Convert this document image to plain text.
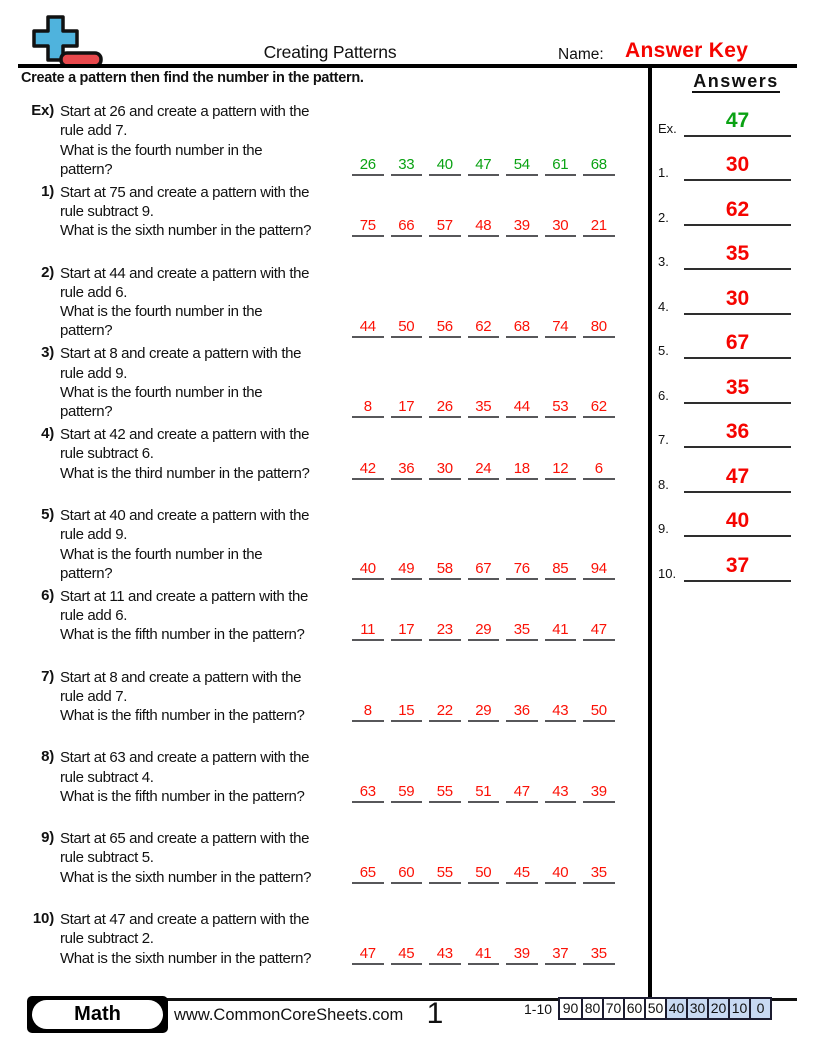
Creating Patterns	Name: Answer Key
Create a pattern then find the number in the pattern.	Answers
Ex.	47
1.	30
2.	62
3.	35
4.	30
5.	67
6.	35
7.	36
8.	47
9.	40
10.	37
Ex) Start at 26 and create a pattern with the
rule add 7.
What is the fourth number in the
pattern?	26	33	40	47	54	61	68
1) Start at 75 and create a pattern with the
rule subtract 9.
What is the sixth number in the pattern?	75	66	57	48	39	30	21
2) Start at 44 and create a pattern with the
rule add 6.
What is the fourth number in the
pattern?	44	50	56	62	68	74	80
3) Start at 8 and create a pattern with the
rule add 9.
What is the fourth number in the
pattern?	8	17	26	35	44	53	62
4) Start at 42 and create a pattern with the
rule subtract 6.
What is the third number in the pattern?	42	36	30	24	18	12	6
5) Start at 40 and create a pattern with the
rule add 9.
What is the fourth number in the
pattern?	40	49	58	67	76	85	94
6) Start at 11 and create a pattern with the
rule add 6.
What is the fifth number in the pattern?	11	17	23	29	35	41	47
7) Start at 8 and create a pattern with the
rule add 7.
What is the fifth number in the pattern?	8	15	22	29	36	43	50
8) Start at 63 and create a pattern with the
rule subtract 4.
What is the fifth number in the pattern?	63	59	55	51	47	43	39
9) Start at 65 and create a pattern with the
rule subtract 5.
What is the sixth number in the pattern?	65	60	55	50	45	40	35
10) Start at 47 and create a pattern with the
rule subtract 2.
What is the sixth number in the pattern?	47	45	43	41	39	37	35
Math	www.CommonCoreSheets.com 1	1-10 90 80 70 60 50 40 30 20 10 0
